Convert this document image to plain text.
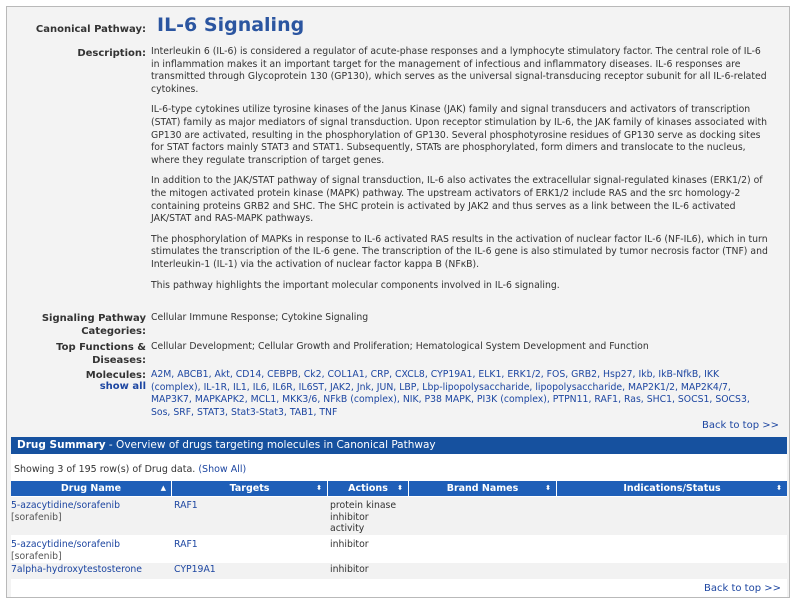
Canonical Pathway: IL-6 Signaling
Description: Interleukin 6 (IL-6) is considered a regulator of acute-phase responses and a lymphocyte stimulatory factor. The central role of IL-6 in inflammation makes it an important target for the management of infectious and inflammatory diseases. IL-6 responses are transmitted through Glycoprotein 130 (GP130), which serves as the universal signal-transducing receptor subunit for all IL-6-related cytokines.

IL-6-type cytokines utilize tyrosine kinases of the Janus Kinase (JAK) family and signal transducers and activators of transcription (STAT) family as major mediators of signal transduction. Upon receptor stimulation by IL-6, the JAK family of kinases associated with GP130 are activated, resulting in the phosphorylation of GP130. Several phosphotyrosine residues of GP130 serve as docking sites for STAT factors mainly STAT3 and STAT1. Subsequently, STATs are phosphorylated, form dimers and translocate to the nucleus, where they regulate transcription of target genes.

In addition to the JAK/STAT pathway of signal transduction, IL-6 also activates the extracellular signal-regulated kinases (ERK1/2) of the mitogen activated protein kinase (MAPK) pathway. The upstream activators of ERK1/2 include RAS and the src homology-2 containing proteins GRB2 and SHC. The SHC protein is activated by JAK2 and thus serves as a link between the IL-6 activated JAK/STAT and RAS-MAPK pathways.

The phosphorylation of MAPKs in response to IL-6 activated RAS results in the activation of nuclear factor IL-6 (NF-IL6), which in turn stimulates the transcription of the IL-6 gene. The transcription of the IL-6 gene is also stimulated by tumor necrosis factor (TNF) and Interleukin-1 (IL-1) via the activation of nuclear factor kappa B (NFκB).

This pathway highlights the important molecular components involved in IL-6 signaling.

Signaling Pathway Categories:
Cellular Immune Response; Cytokine Signaling
Top Functions & Diseases:
Cellular Development; Cellular Growth and Proliferation; Hematological System Development and Function
Molecules:
show all
A2M, ABCB1, Akt, CD14, CEBPB, Ck2, COL1A1, CRP, CXCL8, CYP19A1, ELK1, ERK1/2, FOS, GRB2, Hsp27, Ikb, IkB-NfkB, IKK (complex), IL-1R, IL1, IL6, IL6R, IL6ST, JAK2, Jnk, JUN, LBP, Lbp-lipopolysaccharide, lipopolysaccharide, MAP2K1/2, MAP2K4/7, MAP3K7, MAPKAPK2, MCL1, MKK3/6, NFkB (complex), NIK, P38 MAPK, PI3K (complex), PTPN11, RAF1, Ras, SHC1, SOCS1, SOCS3, Sos, SRF, STAT3, Stat3-Stat3, TAB1, TNF
Back to top >>
Drug Summary - Overview of drugs targeting molecules in Canonical Pathway
Showing 3 of 195 row(s) of Drug data. (Show All)
Drug Name	▲	Targets	⬍	Actions ⬍	Brand Names	⬍	Indications/Status	⬍
5-azacytidine/sorafenib
[sorafenib]
RAF1	protein kinase inhibitor activity
5-azacytidine/sorafenib
[sorafenib]
RAF1	inhibitor
7alpha-hydroxytestosterone	CYP19A1	inhibitor
Back to top >>
